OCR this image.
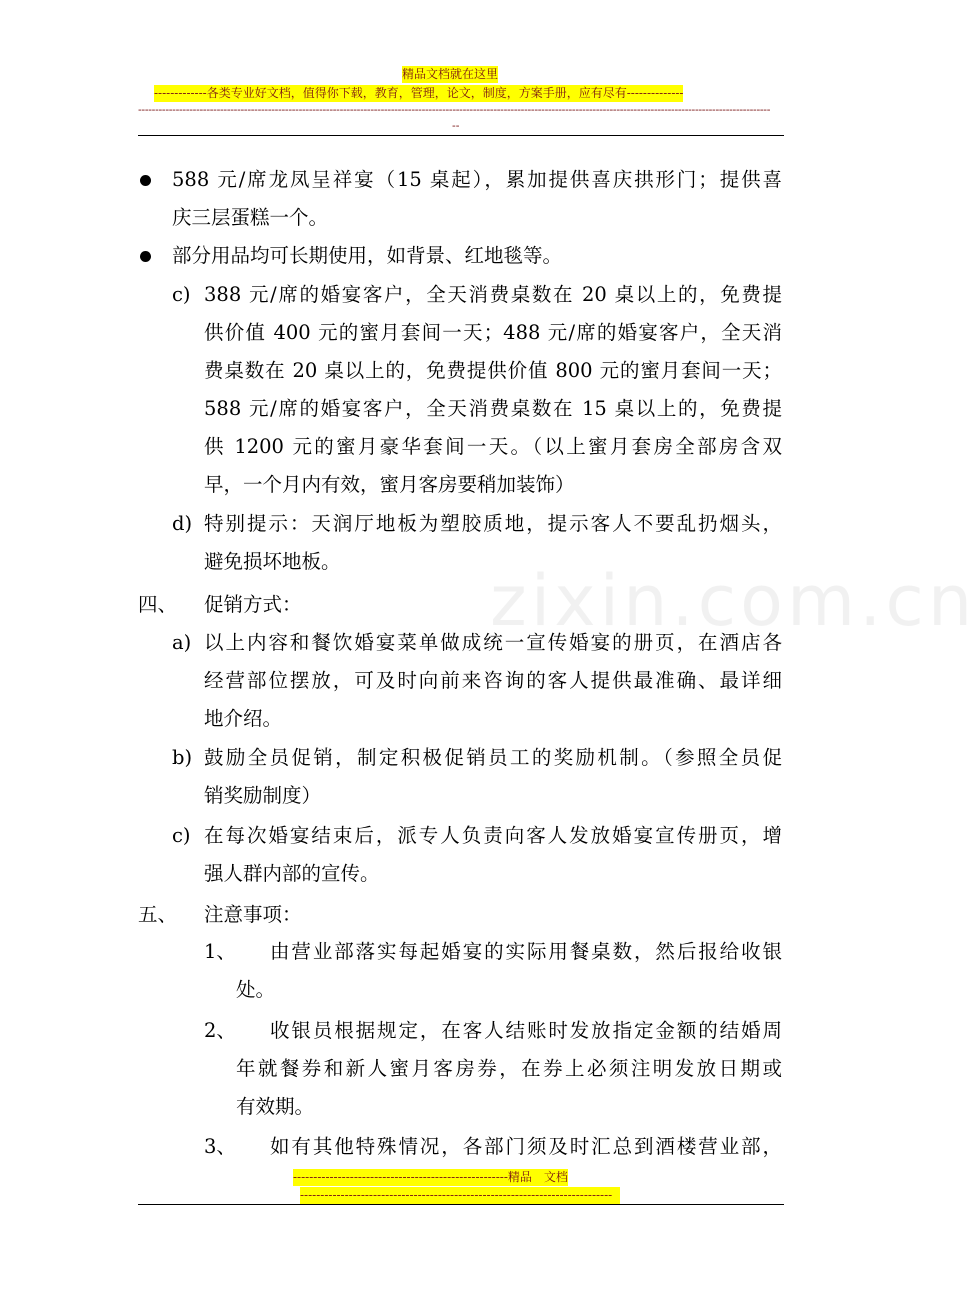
精品文档就在这里
-------------各类专业好文档，值得你下载，教育，管理，论文，制度，方案手册，应有尽有--------------
-----------------------------------------------------------------------------------------------------------------------------------------------------------------------------------------
--
zixin.com.cn
588 元/席龙凤呈祥宴（15 桌起），累加提供喜庆拱形门；提供喜
庆三层蛋糕一个。
部分用品均可长期使用，如背景、红地毯等。
c) 388 元/席的婚宴客户，全天消费桌数在 20 桌以上的，免费提
供价值 400 元的蜜月套间一天；488 元/席的婚宴客户，全天消
费桌数在 20 桌以上的，免费提供价值 800 元的蜜月套间一天；
588 元/席的婚宴客户，全天消费桌数在 15 桌以上的，免费提
供 1200 元的蜜月豪华套间一天。（以上蜜月套房全部房含双
早，一个月内有效，蜜月客房要稍加装饰）
d) 特别提示：天润厅地板为塑胶质地，提示客人不要乱扔烟头，
避免损坏地板。
四、 促销方式：
a) 以上内容和餐饮婚宴菜单做成统一宣传婚宴的册页，在酒店各
经营部位摆放，可及时向前来咨询的客人提供最准确、最详细
地介绍。
b) 鼓励全员促销，制定积极促销员工的奖励机制。（参照全员促
销奖励制度）
c) 在每次婚宴结束后，派专人负责向客人发放婚宴宣传册页，增
强人群内部的宣传。
五、 注意事项：
1、 由营业部落实每起婚宴的实际用餐桌数，然后报给收银
处。
2、 收银员根据规定，在客人结账时发放指定金额的结婚周
年就餐券和新人蜜月客房券，在券上必须注明发放日期或
有效期。
3、 如有其他特殊情况，各部门须及时汇总到酒楼营业部，
-----------------------------------------------------精品　文档
-----------------------------------------------------------------------------
